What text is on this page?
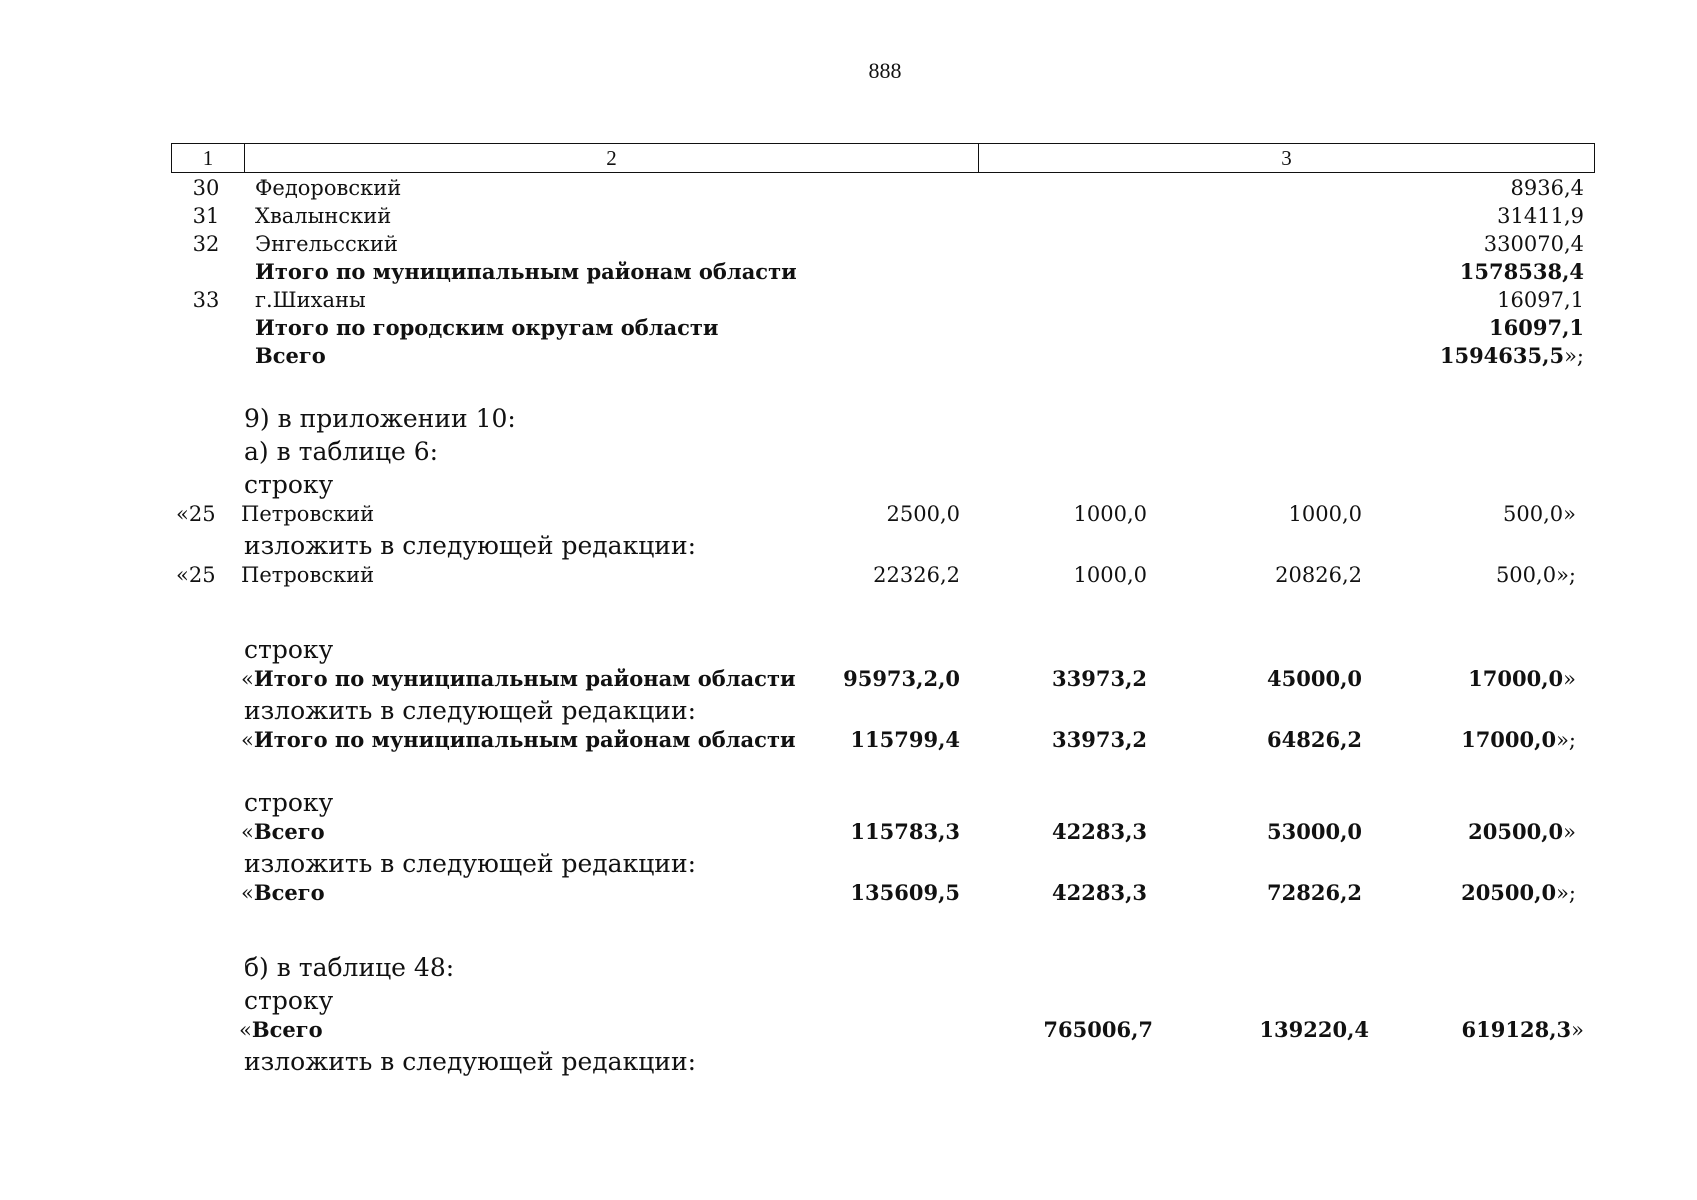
888
1	2	3
30	Федоровский	8936,4
31	Хвалынский	31411,9
32	Энгельсский	330070,4
Итого по муниципальным районам области	1578538,4
33	г.Шиханы	16097,1
Итого по городским округам области	16097,1
Всего	1594635,5»;
9) в приложении 10:
а) в таблице 6:
строку
«25 Петровский	2500,0	1000,0	1000,0	500,0»
изложить в следующей редакции:
«25 Петровский	22326,2	1000,0	20826,2	500,0»;
строку
«Итого по муниципальным районам области 95973,2,0	33973,2	45000,0	17000,0»
изложить в следующей редакции:
«Итого по муниципальным районам области	115799,4	33973,2	64826,2	17000,0»;
строку
«Всего	115783,3	42283,3	53000,0	20500,0»
изложить в следующей редакции:
«Всего	135609,5	42283,3	72826,2	20500,0»;
б) в таблице 48:
строку
«Всего	765006,7	139220,4	619128,3»
изложить в следующей редакции:
